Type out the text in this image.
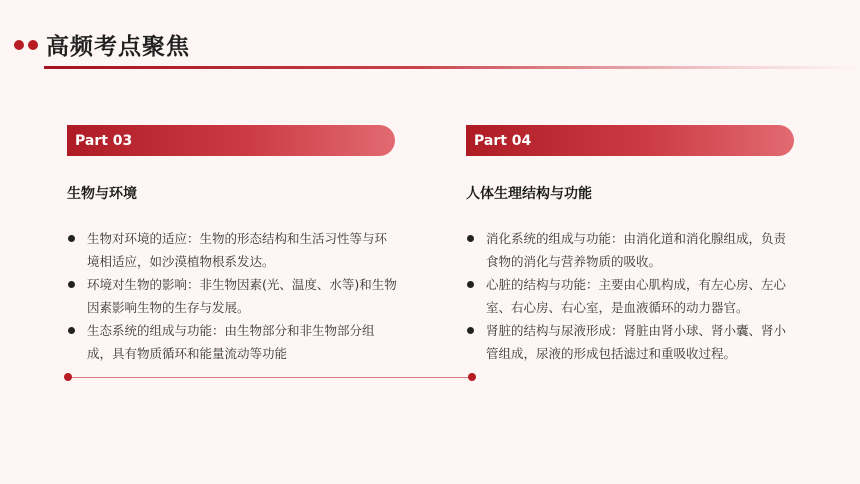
高频考点聚焦
Part 03
生物与环境
生物对环境的适应：生物的形态结构和生活习性等与环境相适应，如沙漠植物根系发达。
环境对生物的影响：非生物因素(光、温度、水等)和生物因素影响生物的生存与发展。
生态系统的组成与功能：由生物部分和非生物部分组成，具有物质循环和能量流动等功能
Part 04
人体生理结构与功能
消化系统的组成与功能：由消化道和消化腺组成，负责食物的消化与营养物质的吸收。
心脏的结构与功能：主要由心肌构成，有左心房、左心室、右心房、右心室，是血液循环的动力器官。
肾脏的结构与尿液形成：肾脏由肾小球、肾小囊、肾小管组成，尿液的形成包括滤过和重吸收过程。
